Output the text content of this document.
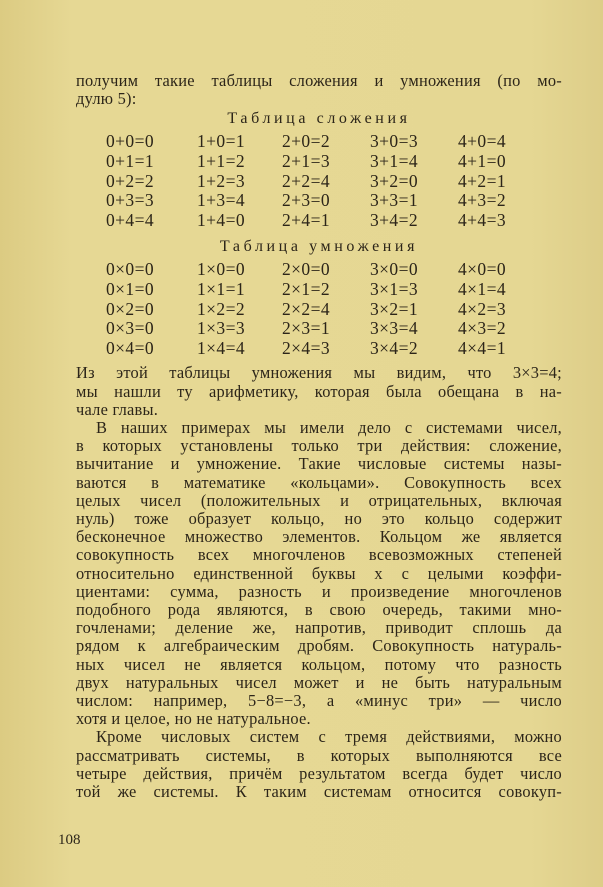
получим такие таблицы сложения и умножения (по мо-
дулю 5):

Таблица сложения
0+0=0	1+0=1	2+0=2	3+0=3	4+0=4
0+1=1	1+1=2	2+1=3	3+1=4	4+1=0
0+2=2	1+2=3	2+2=4	3+2=0	4+2=1
0+3=3	1+3=4	2+3=0	3+3=1	4+3=2
0+4=4	1+4=0	2+4=1	3+4=2	4+4=3
Таблица умножения
0×0=0	1×0=0	2×0=0	3×0=0	4×0=0
0×1=0	1×1=1	2×1=2	3×1=3	4×1=4
0×2=0	1×2=2	2×2=4	3×2=1	4×2=3
0×3=0	1×3=3	2×3=1	3×3=4	4×3=2
0×4=0	1×4=4	2×4=3	3×4=2	4×4=1

Из этой таблицы умножения мы видим, что 3×3=4;
мы нашли ту арифметику, которая была обещана в на-
чале главы.

В наших примерах мы имели дело с системами чисел,
в которых установлены только три действия: сложение,
вычитание и умножение. Такие числовые системы назы-
ваются в математике «кольцами». Совокупность всех
целых чисел (положительных и отрицательных, включая
нуль) тоже образует кольцо, но это кольцо содержит
бесконечное множество элементов. Кольцом же является
совокупность всех многочленов всевозможных степеней
относительно единственной буквы x с целыми коэффи-
циентами: сумма, разность и произведение многочленов
подобного рода являются, в свою очередь, такими мно-
гочленами; деление же, напротив, приводит сплошь да
рядом к алгебраическим дробям. Совокупность натураль-
ных чисел не является кольцом, потому что разность
двух натуральных чисел может и не быть натуральным
числом: например, 5−8=−3, а «минус три» — число
хотя и целое, но не натуральное.

Кроме числовых систем с тремя действиями, можно
рассматривать системы, в которых выполняются все
четыре действия, причём результатом всегда будет число
той же системы. К таким системам относится совокуп-

108
